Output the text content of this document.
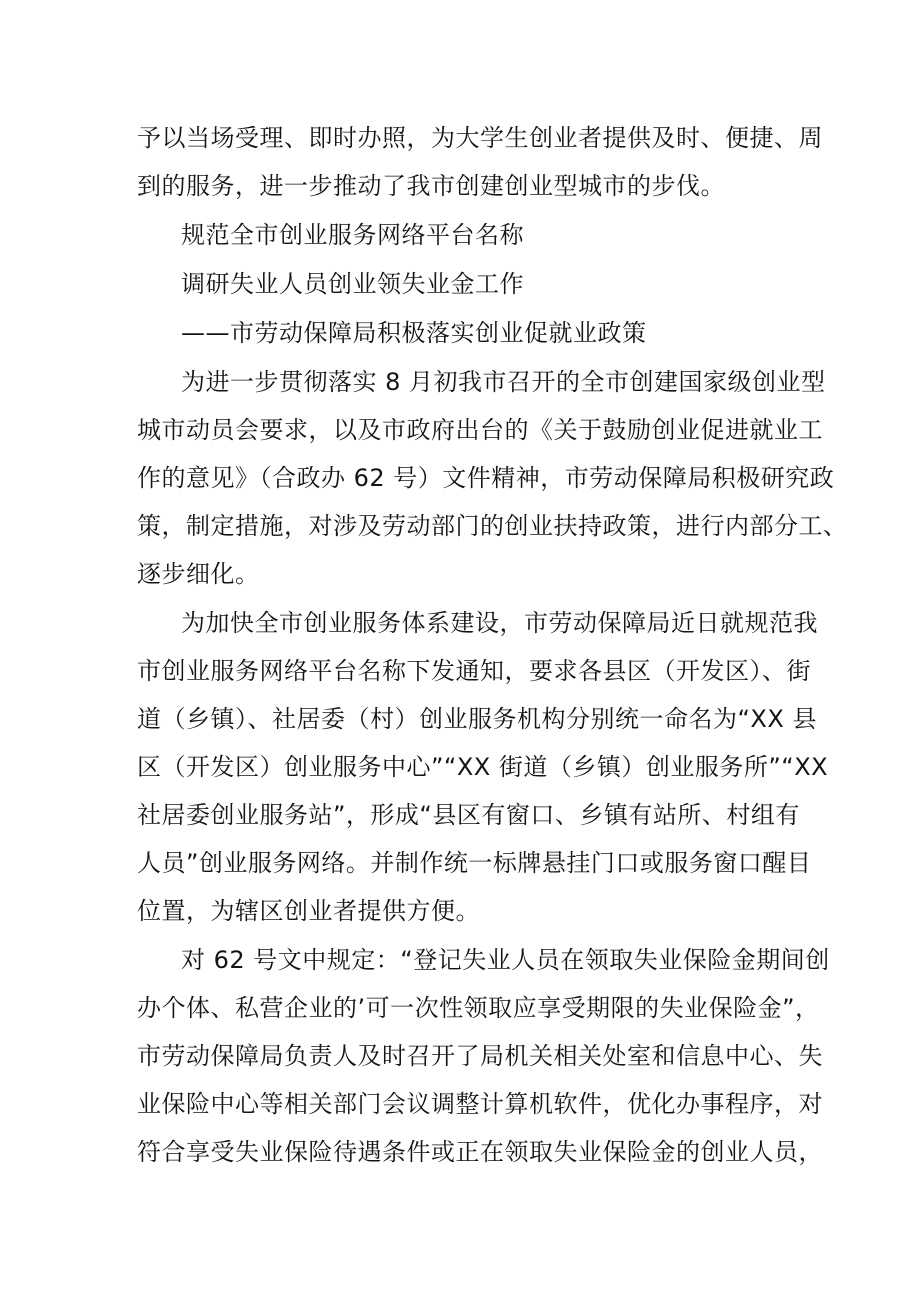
予以当场受理、即时办照，为大学生创业者提供及时、便捷、周
到的服务，进一步推动了我市创建创业型城市的步伐。
规范全市创业服务网络平台名称
调研失业人员创业领失业金工作
——市劳动保障局积极落实创业促就业政策
为进一步贯彻落实 8 月初我市召开的全市创建国家级创业型
城市动员会要求，以及市政府出台的《关于鼓励创业促进就业工
作的意见》（合政办 62 号）文件精神，市劳动保障局积极研究政
策，制定措施，对涉及劳动部门的创业扶持政策，进行内部分工、
逐步细化。
为加快全市创业服务体系建设，市劳动保障局近日就规范我
市创业服务网络平台名称下发通知，要求各县区（开发区）、街
道（乡镇）、社居委（村）创业服务机构分别统一命名为“XX 县
区（开发区）创业服务中心”“XX 街道（乡镇）创业服务所”“XX
社居委创业服务站”，形成“县区有窗口、乡镇有站所、村组有
人员”创业服务网络。并制作统一标牌悬挂门口或服务窗口醒目
位置，为辖区创业者提供方便。
对 62 号文中规定：“登记失业人员在领取失业保险金期间创
办个体、私营企业的’可一次性领取应享受期限的失业保险金”，
市劳动保障局负责人及时召开了局机关相关处室和信息中心、失
业保险中心等相关部门会议调整计算机软件，优化办事程序，对
符合享受失业保险待遇条件或正在领取失业保险金的创业人员，
